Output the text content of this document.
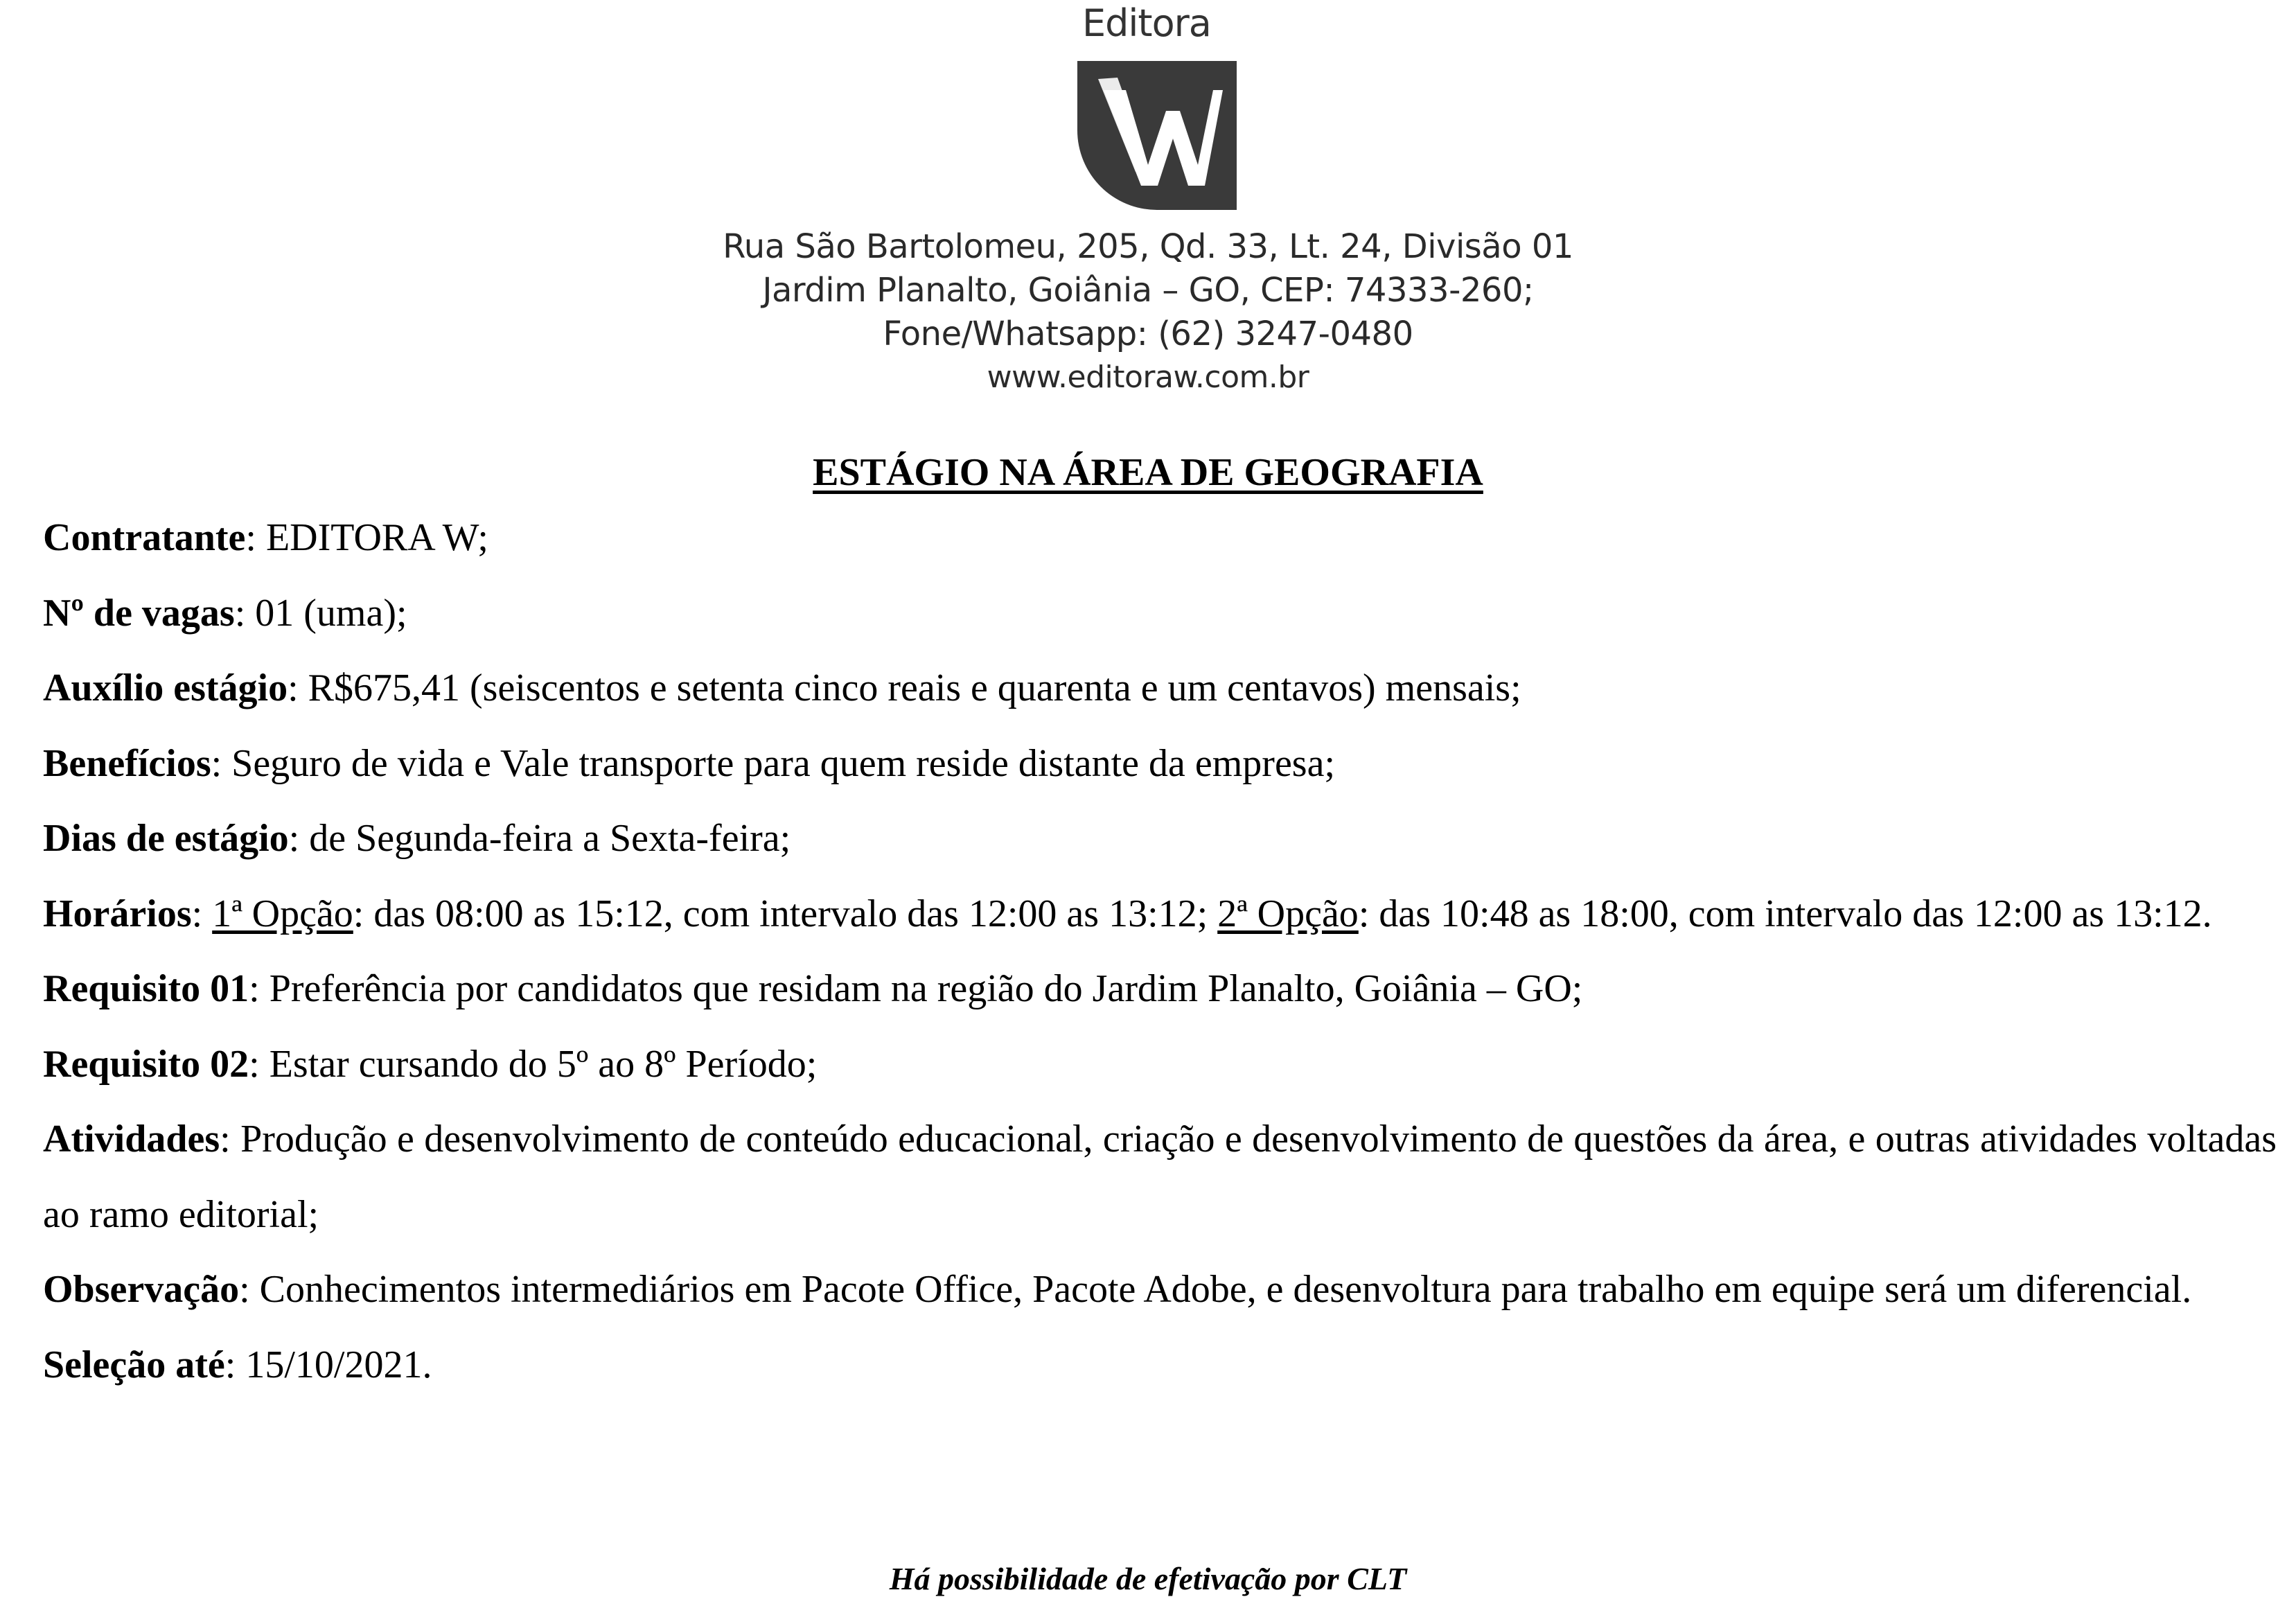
Editora
Rua São Bartolomeu, 205, Qd. 33, Lt. 24, Divisão 01
Jardim Planalto, Goiânia – GO, CEP: 74333-260;
Fone/Whatsapp: (62) 3247-0480
www.editoraw.com.br
ESTÁGIO NA ÁREA DE GEOGRAFIA

Contratante: EDITORA W;

Nº de vagas: 01 (uma);

Auxílio estágio: R$675,41 (seiscentos e setenta cinco reais e quarenta e um centavos) mensais;

Benefícios: Seguro de vida e Vale transporte para quem reside distante da empresa;

Dias de estágio: de Segunda-feira a Sexta-feira;

Horários: 1ª Opção: das 08:00 as 15:12, com intervalo das 12:00 as 13:12; 2ª Opção: das 10:48 as 18:00, com intervalo das 12:00 as 13:12.

Requisito 01: Preferência por candidatos que residam na região do Jardim Planalto, Goiânia – GO;

Requisito 02: Estar cursando do 5º ao 8º Período;

Atividades: Produção e desenvolvimento de conteúdo educacional, criação e desenvolvimento de questões da área, e outras atividades voltadas ao ramo editorial;

Observação: Conhecimentos intermediários em Pacote Office, Pacote Adobe, e desenvoltura para trabalho em equipe será um diferencial.

Seleção até: 15/10/2021.

Há possibilidade de efetivação por CLT
